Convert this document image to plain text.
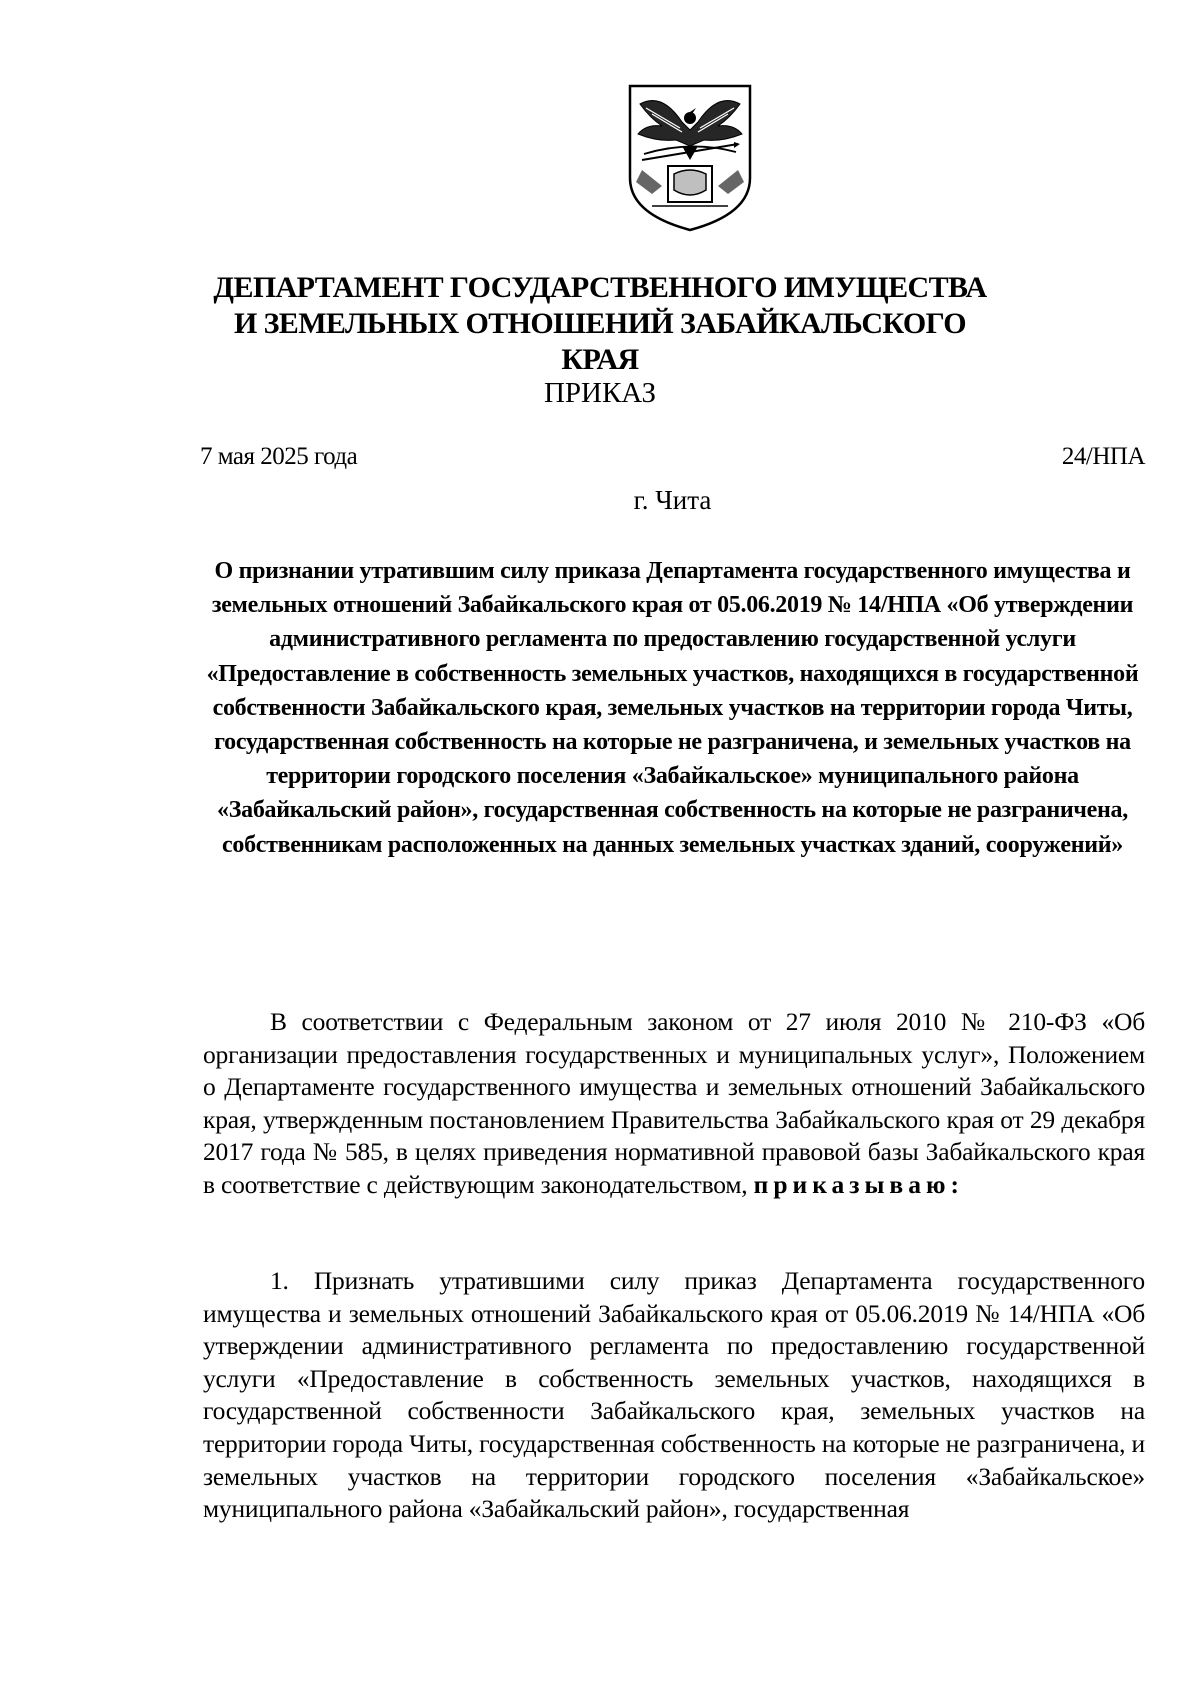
ДЕПАРТАМЕНТ ГОСУДАРСТВЕННОГО ИМУЩЕСТВА
И ЗЕМЕЛЬНЫХ ОТНОШЕНИЙ ЗАБАЙКАЛЬСКОГО КРАЯ
ПРИКАЗ
7 мая 2025 года	24/НПА
г. Чита
О признании утратившим силу приказа Департамента государственного имущества и земельных отношений Забайкальского края от 05.06.2019 № 14/НПА «Об утверждении административного регламента по предоставлению государственной услуги «Предоставление в собственность земельных участков, находящихся в государственной собственности Забайкальского края, земельных участков на территории города Читы, государственная собственность на которые не разграничена, и земельных участков на территории городского поселения «Забайкальское» муниципального района «Забайкальский район», государственная собственность на которые не разграничена, собственникам расположенных на данных земельных участках зданий, сооружений»
В соответствии с Федеральным законом от 27 июля 2010 № 210-ФЗ «Об организации предоставления государственных и муниципальных услуг», Положением о Департаменте государственного имущества и земельных отношений Забайкальского края, утвержденным постановлением Правительства Забайкальского края от 29 декабря 2017 года № 585, в целях приведения нормативной правовой базы Забайкальского края в соответствие с действующим законодательством, приказываю:
1. Признать утратившими силу приказ Департамента государственного имущества и земельных отношений Забайкальского края от 05.06.2019 № 14/НПА «Об утверждении административного регламента по предоставлению государственной услуги «Предоставление в собственность земельных участков, находящихся в государственной собственности Забайкальского края, земельных участков на территории города Читы, государственная собственность на которые не разграничена, и земельных участков на территории городского поселения «Забайкальское» муниципального района «Забайкальский район», государственная
